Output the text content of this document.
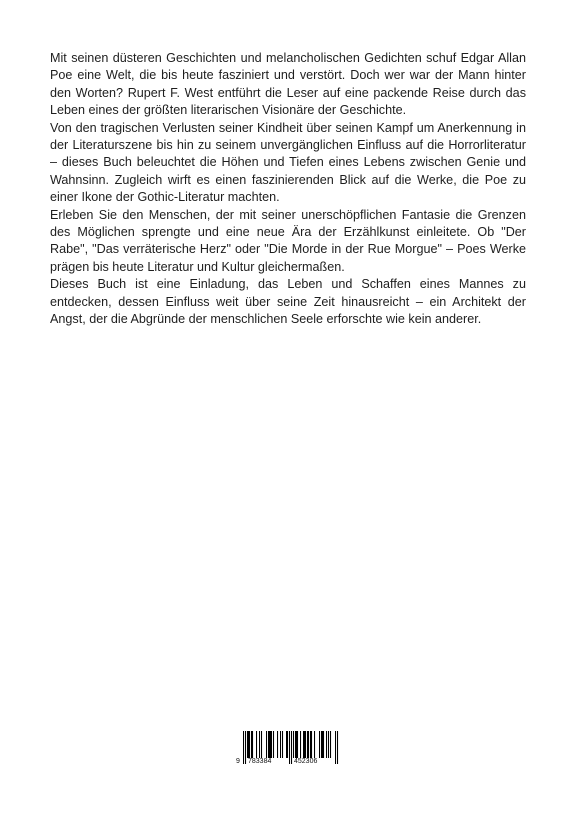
Mit seinen düsteren Geschichten und melancholischen Gedichten schuf Edgar Allan Poe eine Welt, die bis heute fasziniert und verstört. Doch wer war der Mann hinter den Worten? Rupert F. West entführt die Leser auf eine packende Reise durch das Leben eines der größten literarischen Visionäre der Geschichte.

Von den tragischen Verlusten seiner Kindheit über seinen Kampf um Anerkennung in der Literaturszene bis hin zu seinem unvergänglichen Einfluss auf die Horrorliteratur – dieses Buch beleuchtet die Höhen und Tiefen eines Lebens zwischen Genie und Wahnsinn. Zugleich wirft es einen faszinierenden Blick auf die Werke, die Poe zu einer Ikone der Gothic-Literatur machten.

Erleben Sie den Menschen, der mit seiner unerschöpflichen Fantasie die Grenzen des Möglichen sprengte und eine neue Ära der Erzählkunst einleitete. Ob "Der Rabe", "Das verräterische Herz" oder "Die Morde in der Rue Morgue" – Poes Werke prägen bis heute Literatur und Kultur gleichermaßen.

Dieses Buch ist eine Einladung, das Leben und Schaffen eines Mannes zu entdecken, dessen Einfluss weit über seine Zeit hinausreicht – ein Architekt der Angst, der die Abgründe der menschlichen Seele erforschte wie kein anderer.

9 783384	452306
